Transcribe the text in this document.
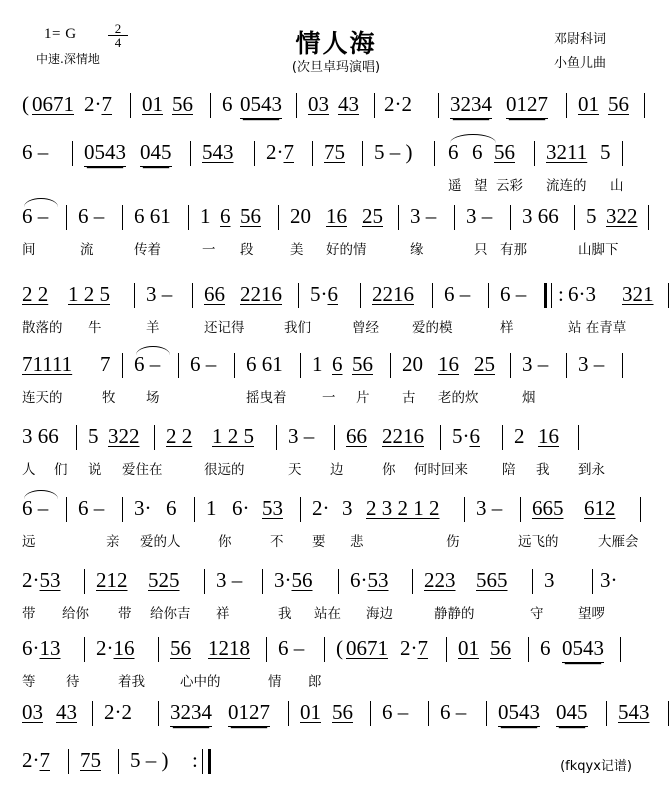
1= G $\frac{2}{4}$
中速.深情地
情人海
(次旦卓玛演唱)
邓尉科词
小鱼儿曲
( 0671 2·7 01 56 6 0543 03 43 2·2 3234 0127 01 56
6 – 0543 045 543 2·7 75 5 – ) 6 6 56 3211 5
遥 望 云彩 流连的 山
6 – 6 – 6 61 1 6 56 20 16 25 3 – 3 – 3 66 5 322
间	流	传着	一 段	美 好的情	缘	只 有那	山脚下
2 2 1 2 5 3 – 66 2216 5·6 2216 6 – 6 – : 6·3 321
散落的 牛	羊	还记得	我们	曾经 爱的模	样	站 在青草
71111 7 6 – 6 – 6 61 1 6 56 20 16 25 3 – 3 –
连天的	牧 场	摇曳着	一 片 古 老的炊	烟
3 66 5 322 2 2 1 2 5 3 – 66 2216 5·6 2 16
人 们 说 爱住在	很远的	天 边	你 何时回来	陪 我 到永
6 – 6 – 3· 6 1 6· 53 2· 3 2 3 2 1 2 3 – 665 612
远	亲 爱的人	你	不 要 悲	伤	远飞的	大雁会
2·53 212 525 3 – 3·56 6·53 223 565 3 3·
带 给你 带 给你吉 祥	我 站在 海边	静静的	守	望啰
6·13 2·16 56 1218 6 – ( 0671 2·7 01 56 6 0543
等 待	着我	心中的	情 郎
03 43 2·2 3234 0127 01 56 6 – 6 – 0543 045 543
2·7 75 5 – ) :	(fkqyx记谱)
